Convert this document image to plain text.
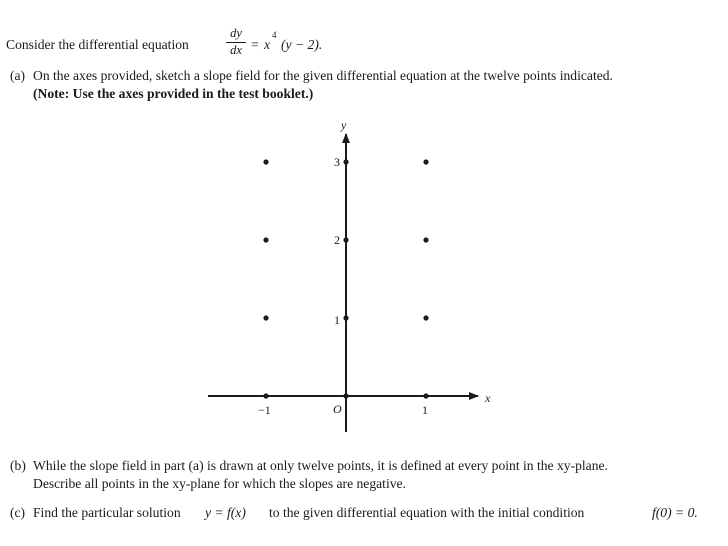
Consider the differential equation
dy
dx = x
4
(y − 2).
(a) On the axes provided, sketch a slope field for the given differential equation at the twelve points indicated.
(Note: Use the axes provided in the test booklet.)
y
x
O
−1	1
1
2
3
(b) While the slope field in part (a) is drawn at only twelve points, it is defined at every point in the xy-plane.
Describe all points in the xy-plane for which the slopes are negative.
(c) Find the particular solution y = f(x) to the given differential equation with the initial condition	f(0) = 0.
